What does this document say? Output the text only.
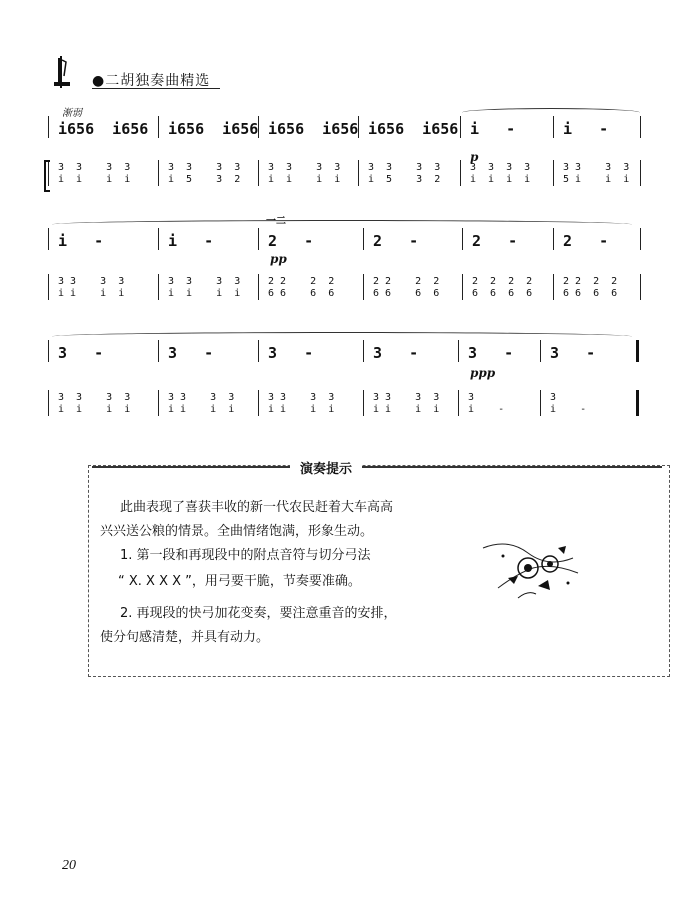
●二胡独奏曲精选
渐弱
i656  i656 i656  i656 i656  i656 i656  i656 i   -	i   -
3  3    3  3
i  i    i  i
3  3    3  3
i  5    3  2
3  3    3  3
i  i    i  i
3  3    3  3
i  5    3  2
3  3  3  3
i  i  i  i
3 3    3  3
5 i    i  i
p
i   -	i   -	2   -	2   -	2   -	2   -
3 3    3  3
i i    i  i
3  3    3  3
i  i    i  i
2 2    2  2
6 6    6  6
2 2    2  2
6 6    6  6
2  2  2  2
6  6  6  6
2 2  2  2
6 6  6  6
pp
3   -	3   -	3   -	3   -	3   - 3   -
3  3    3  3
i  i    i  i
3 3    3  3
i i    i  i
3 3    3  3
i i    i  i
3 3    3  3
i i    i  i
3
i    -
3
i    -
ppp
一二
演奏提示
此曲表现了喜获丰收的新一代农民赶着大车高高
兴兴送公粮的情景。全曲情绪饱满，形象生动。
1. 第一段和再现段中的附点音符与切分弓法
“ X. X X X ”，用弓要干脆，节奏要准确。
2. 再现段的快弓加花变奏，要注意重音的安排，
使分句感清楚，并具有动力。
20
